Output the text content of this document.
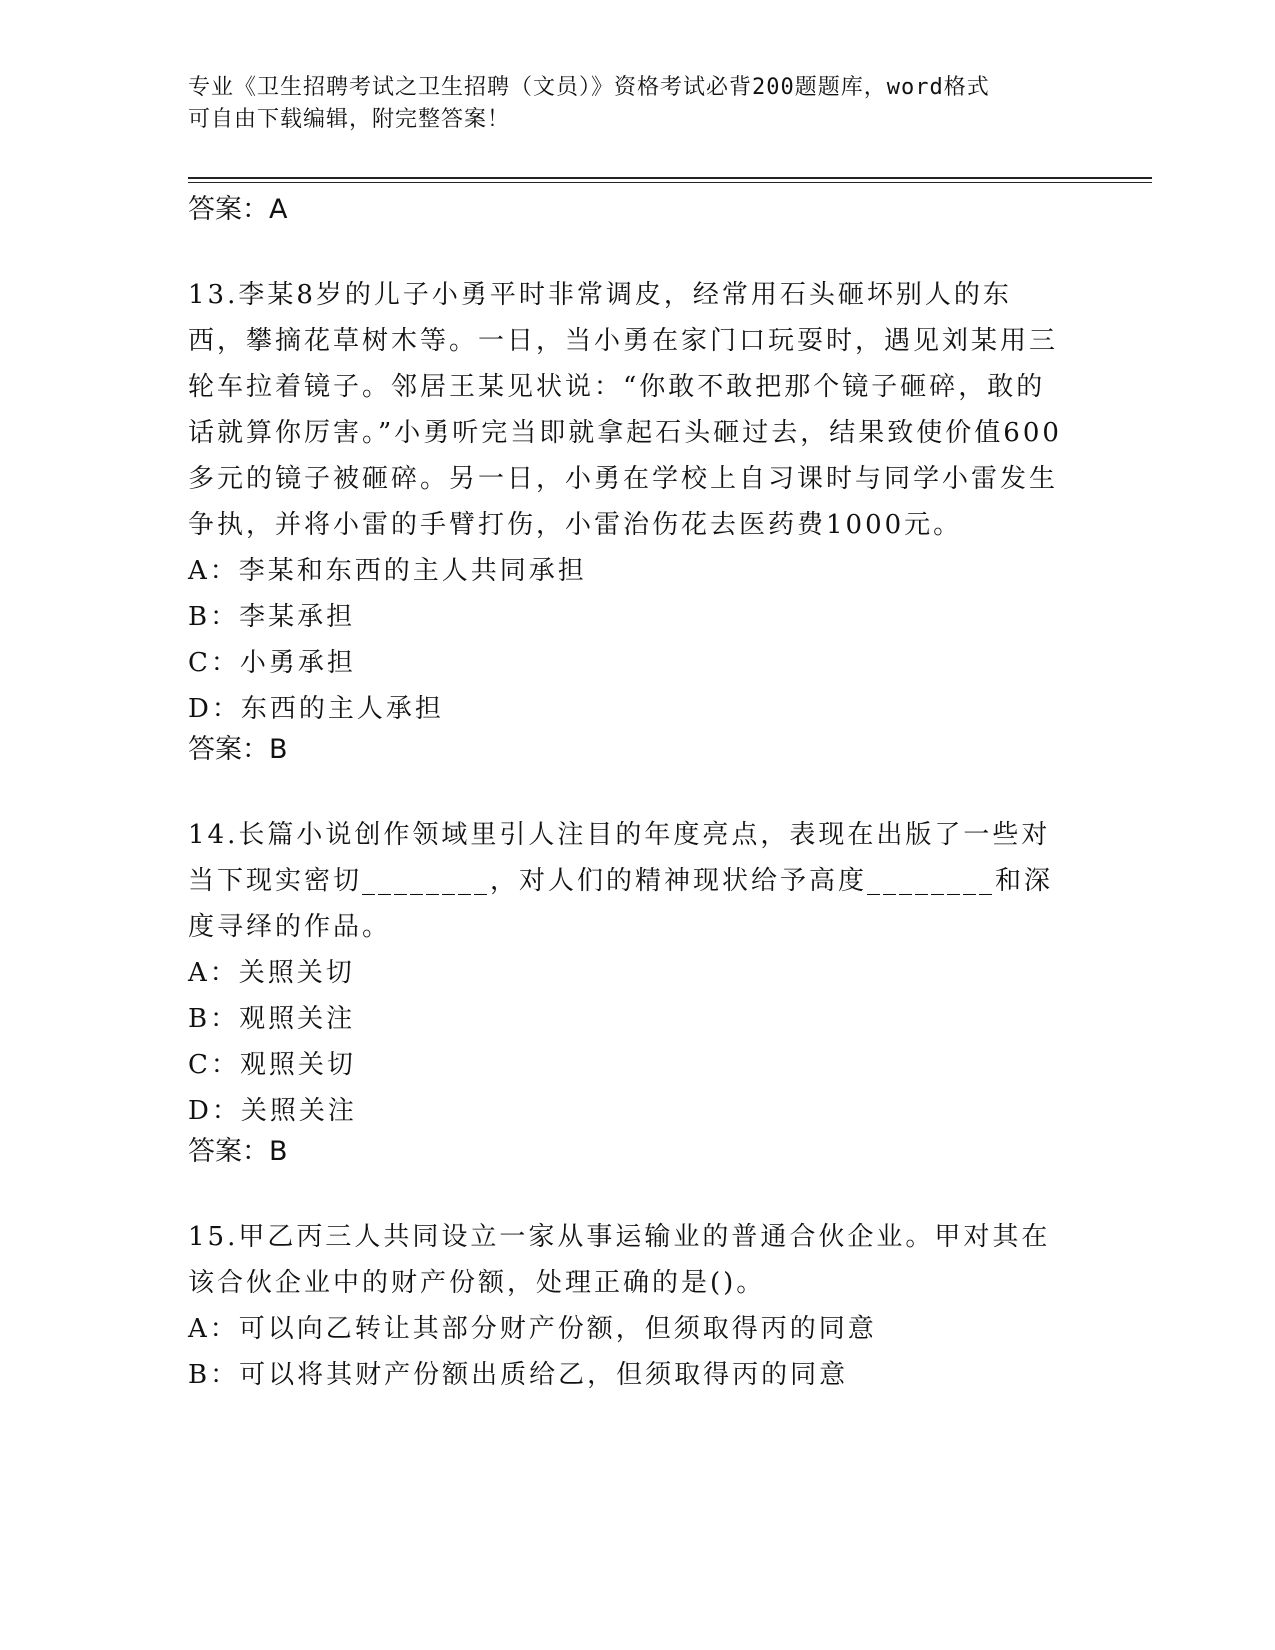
专业《卫生招聘考试之卫生招聘（文员）》资格考试必背200题题库，word格式

可自由下载编辑，附完整答案！

答案：A

13.李某8岁的儿子小勇平时非常调皮，经常用石头砸坏别人的东西，攀摘花草树木等。一日，当小勇在家门口玩耍时，遇见刘某用三轮车拉着镜子。邻居王某见状说：“你敢不敢把那个镜子砸碎，敢的话就算你厉害。”小勇听完当即就拿起石头砸过去，结果致使价值600多元的镜子被砸碎。另一日，小勇在学校上自习课时与同学小雷发生争执，并将小雷的手臂打伤，小雷治伤花去医药费1000元。

A：李某和东西的主人共同承担

B：李某承担

C：小勇承担

D：东西的主人承担

答案：B

14.长篇小说创作领域里引人注目的年度亮点，表现在出版了一些对当下现实密切________，对人们的精神现状给予高度________和深度寻绎的作品。

A：关照关切

B：观照关注

C：观照关切

D：关照关注

答案：B

15.甲乙丙三人共同设立一家从事运输业的普通合伙企业。甲对其在该合伙企业中的财产份额，处理正确的是()。

A：可以向乙转让其部分财产份额，但须取得丙的同意

B：可以将其财产份额出质给乙，但须取得丙的同意
